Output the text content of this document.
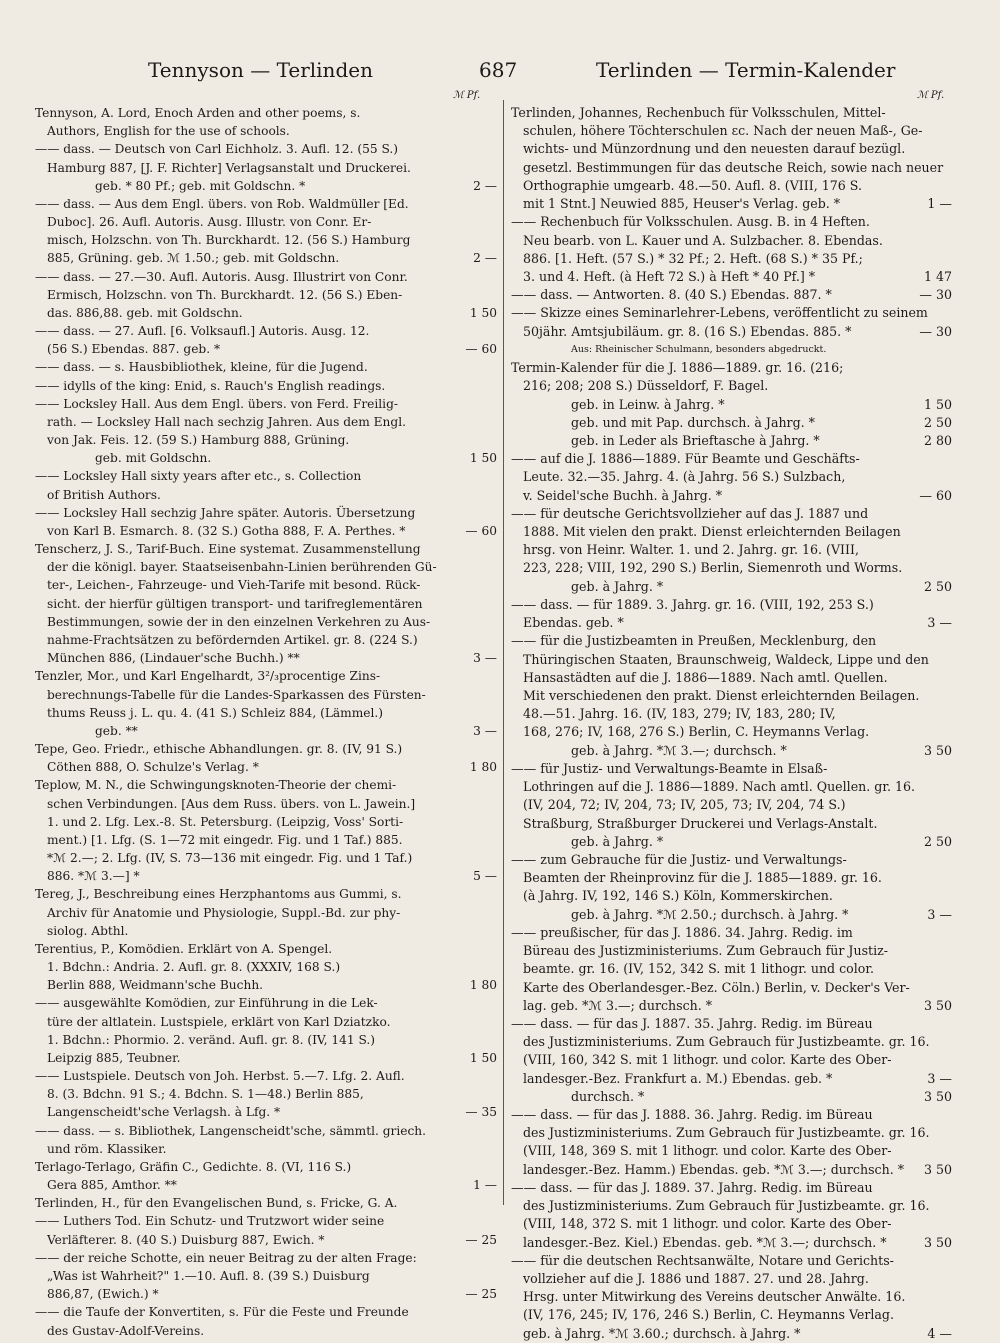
Tennyson — Terlinden	687	Terlinden — Termin-Kalender
ℳ Pf.	ℳ Pf.
Tennyson, A. Lord, Enoch Arden and other poems, s.
Authors, English for the use of schools.
—— dass. — Deutsch von Carl Eichholz. 3. Aufl. 12. (55 S.)
Hamburg 887, [J. F. Richter] Verlagsanstalt und Druckerei.
geb. * 80 Pf.; geb. mit Goldschn. *	2 —
—— dass. — Aus dem Engl. übers. von Rob. Waldmüller [Ed.
Duboc]. 26. Aufl. Autoris. Ausg. Illustr. von Conr. Er-
misch, Holzschn. von Th. Burckhardt. 12. (56 S.) Hamburg
885, Grüning. geb. ℳ 1.50.; geb. mit Goldschn.	2 —
—— dass. — 27.—30. Aufl. Autoris. Ausg. Illustrirt von Conr.
Ermisch, Holzschn. von Th. Burckhardt. 12. (56 S.) Eben-
das. 886,88. geb. mit Goldschn.	1 50
—— dass. — 27. Aufl. [6. Volksaufl.] Autoris. Ausg. 12.
(56 S.) Ebendas. 887. geb. *	— 60
—— dass. — s. Hausbibliothek, kleine, für die Jugend.
—— idylls of the king: Enid, s. Rauch's English readings.
—— Locksley Hall. Aus dem Engl. übers. von Ferd. Freilig-
rath. — Locksley Hall nach sechzig Jahren. Aus dem Engl.
von Jak. Feis. 12. (59 S.) Hamburg 888, Grüning.
geb. mit Goldschn.	1 50
—— Locksley Hall sixty years after etc., s. Collection
of British Authors.
—— Locksley Hall sechzig Jahre später. Autoris. Übersetzung
von Karl B. Esmarch. 8. (32 S.) Gotha 888, F. A. Perthes. *	— 60
Tenscherz, J. S., Tarif-Buch. Eine systemat. Zusammenstellung
der die königl. bayer. Staatseisenbahn-Linien berührenden Gü-
ter-, Leichen-, Fahrzeuge- und Vieh-Tarife mit besond. Rück-
sicht. der hierfür gültigen transport- und tarifreglementären
Bestimmungen, sowie der in den einzelnen Verkehren zu Aus-
nahme-Frachtsätzen zu befördernden Artikel. gr. 8. (224 S.)
München 886, (Lindauer'sche Buchh.) **	3 —
Tenzler, Mor., und Karl Engelhardt, 3²/₃procentige Zins-
berechnungs-Tabelle für die Landes-Sparkassen des Fürsten-
thums Reuss j. L. qu. 4. (41 S.) Schleiz 884, (Lämmel.)
geb. **	3 —
Tepe, Geo. Friedr., ethische Abhandlungen. gr. 8. (IV, 91 S.)
Cöthen 888, O. Schulze's Verlag. *	1 80
Teplow, M. N., die Schwingungsknoten-Theorie der chemi-
schen Verbindungen. [Aus dem Russ. übers. von L. Jawein.]
1. und 2. Lfg. Lex.-8. St. Petersburg. (Leipzig, Voss' Sorti-
ment.) [1. Lfg. (S. 1—72 mit eingedr. Fig. und 1 Taf.) 885.
*ℳ 2.—; 2. Lfg. (IV, S. 73—136 mit eingedr. Fig. und 1 Taf.)
886. *ℳ 3.—] *	5 —
Tereg, J., Beschreibung eines Herzphantoms aus Gummi, s.
Archiv für Anatomie und Physiologie, Suppl.-Bd. zur phy-
siolog. Abthl.
Terentius, P., Komödien. Erklärt von A. Spengel.
1. Bdchn.: Andria. 2. Aufl. gr. 8. (XXXIV, 168 S.)
Berlin 888, Weidmann'sche Buchh.	1 80
—— ausgewählte Komödien, zur Einführung in die Lek-
türe der altlatein. Lustspiele, erklärt von Karl Dziatzko.
1. Bdchn.: Phormio. 2. veränd. Aufl. gr. 8. (IV, 141 S.)
Leipzig 885, Teubner.	1 50
—— Lustspiele. Deutsch von Joh. Herbst. 5.—7. Lfg. 2. Aufl.
8. (3. Bdchn. 91 S.; 4. Bdchn. S. 1—48.) Berlin 885,
Langenscheidt'sche Verlagsh. à Lfg. *	— 35
—— dass. — s. Bibliothek, Langenscheidt'sche, sämmtl. griech.
und röm. Klassiker.
Terlago-Terlago, Gräfin C., Gedichte. 8. (VI, 116 S.)
Gera 885, Amthor. **	1 —
Terlinden, H., für den Evangelischen Bund, s. Fricke, G. A.
—— Luthers Tod. Ein Schutz- und Trutzwort wider seine
Verläfterer. 8. (40 S.) Duisburg 887, Ewich. *	— 25
—— der reiche Schotte, ein neuer Beitrag zu der alten Frage:
„Was ist Wahrheit?" 1.—10. Aufl. 8. (39 S.) Duisburg
886,87, (Ewich.) *	— 25
—— die Taufe der Konvertiten, s. Für die Feste und Freunde
des Gustav-Adolf-Vereins.
Terlinden, Johannes, Rechenbuch für Volksschulen, Mittel-
schulen, höhere Töchterschulen ɛc. Nach der neuen Maß-, Ge-
wichts- und Münzordnung und den neuesten darauf bezügl.
gesetzl. Bestimmungen für das deutsche Reich, sowie nach neuer
Orthographie umgearb. 48.—50. Aufl. 8. (VIII, 176 S.
mit 1 Stnt.] Neuwied 885, Heuser's Verlag. geb. *	1 —
—— Rechenbuch für Volksschulen. Ausg. B. in 4 Heften.
Neu bearb. von L. Kauer und A. Sulzbacher. 8. Ebendas.
886. [1. Heft. (57 S.) * 32 Pf.; 2. Heft. (68 S.) * 35 Pf.;
3. und 4. Heft. (à Heft 72 S.) à Heft * 40 Pf.] *	1 47
—— dass. — Antworten. 8. (40 S.) Ebendas. 887. *	— 30
—— Skizze eines Seminarlehrer-Lebens, veröffentlicht zu seinem
50jähr. Amtsjubiläum. gr. 8. (16 S.) Ebendas. 885. *	— 30
Aus: Rheinischer Schulmann, besonders abgedruckt.
Termin-Kalender für die J. 1886—1889. gr. 16. (216;
216; 208; 208 S.) Düsseldorf, F. Bagel.
geb. in Leinw. à Jahrg. *	1 50
geb. und mit Pap. durchsch. à Jahrg. *	2 50
geb. in Leder als Brieftasche à Jahrg. *	2 80
—— auf die J. 1886—1889. Für Beamte und Geschäfts-
Leute. 32.—35. Jahrg. 4. (à Jahrg. 56 S.) Sulzbach,
v. Seidel'sche Buchh. à Jahrg. *	— 60
—— für deutsche Gerichtsvollzieher auf das J. 1887 und
1888. Mit vielen den prakt. Dienst erleichternden Beilagen
hrsg. von Heinr. Walter. 1. und 2. Jahrg. gr. 16. (VIII,
223, 228; VIII, 192, 290 S.) Berlin, Siemenroth und Worms.
geb. à Jahrg. *	2 50
—— dass. — für 1889. 3. Jahrg. gr. 16. (VIII, 192, 253 S.)
Ebendas. geb. *	3 —
—— für die Justizbeamten in Preußen, Mecklenburg, den
Thüringischen Staaten, Braunschweig, Waldeck, Lippe und den
Hansastädten auf die J. 1886—1889. Nach amtl. Quellen.
Mit verschiedenen den prakt. Dienst erleichternden Beilagen.
48.—51. Jahrg. 16. (IV, 183, 279; IV, 183, 280; IV,
168, 276; IV, 168, 276 S.) Berlin, C. Heymanns Verlag.
geb. à Jahrg. *ℳ 3.—; durchsch. *	3 50
—— für Justiz- und Verwaltungs-Beamte in Elsaß-
Lothringen auf die J. 1886—1889. Nach amtl. Quellen. gr. 16.
(IV, 204, 72; IV, 204, 73; IV, 205, 73; IV, 204, 74 S.)
Straßburg, Straßburger Druckerei und Verlags-Anstalt.
geb. à Jahrg. *	2 50
—— zum Gebrauche für die Justiz- und Verwaltungs-
Beamten der Rheinprovinz für die J. 1885—1889. gr. 16.
(à Jahrg. IV, 192, 146 S.) Köln, Kommerskirchen.
geb. à Jahrg. *ℳ 2.50.; durchsch. à Jahrg. *	3 —
—— preußischer, für das J. 1886. 34. Jahrg. Redig. im
Büreau des Justizministeriums. Zum Gebrauch für Justiz-
beamte. gr. 16. (IV, 152, 342 S. mit 1 lithogr. und color.
Karte des Oberlandesger.-Bez. Cöln.) Berlin, v. Decker's Ver-
lag. geb. *ℳ 3.—; durchsch. *	3 50
—— dass. — für das J. 1887. 35. Jahrg. Redig. im Büreau
des Justizministeriums. Zum Gebrauch für Justizbeamte. gr. 16.
(VIII, 160, 342 S. mit 1 lithogr. und color. Karte des Ober-
landesger.-Bez. Frankfurt a. M.) Ebendas. geb. *	3 —
durchsch. *	3 50
—— dass. — für das J. 1888. 36. Jahrg. Redig. im Büreau
des Justizministeriums. Zum Gebrauch für Justizbeamte. gr. 16.
(VIII, 148, 369 S. mit 1 lithogr. und color. Karte des Ober-
landesger.-Bez. Hamm.) Ebendas. geb. *ℳ 3.—; durchsch. * 3 50
—— dass. — für das J. 1889. 37. Jahrg. Redig. im Büreau
des Justizministeriums. Zum Gebrauch für Justizbeamte. gr. 16.
(VIII, 148, 372 S. mit 1 lithogr. und color. Karte des Ober-
landesger.-Bez. Kiel.) Ebendas. geb. *ℳ 3.—; durchsch. *	3 50
—— für die deutschen Rechtsanwälte, Notare und Gerichts-
vollzieher auf die J. 1886 und 1887. 27. und 28. Jahrg.
Hrsg. unter Mitwirkung des Vereins deutscher Anwälte. 16.
(IV, 176, 245; IV, 176, 246 S.) Berlin, C. Heymanns Verlag.
geb. à Jahrg. *ℳ 3.60.; durchsch. à Jahrg. *	4 —
